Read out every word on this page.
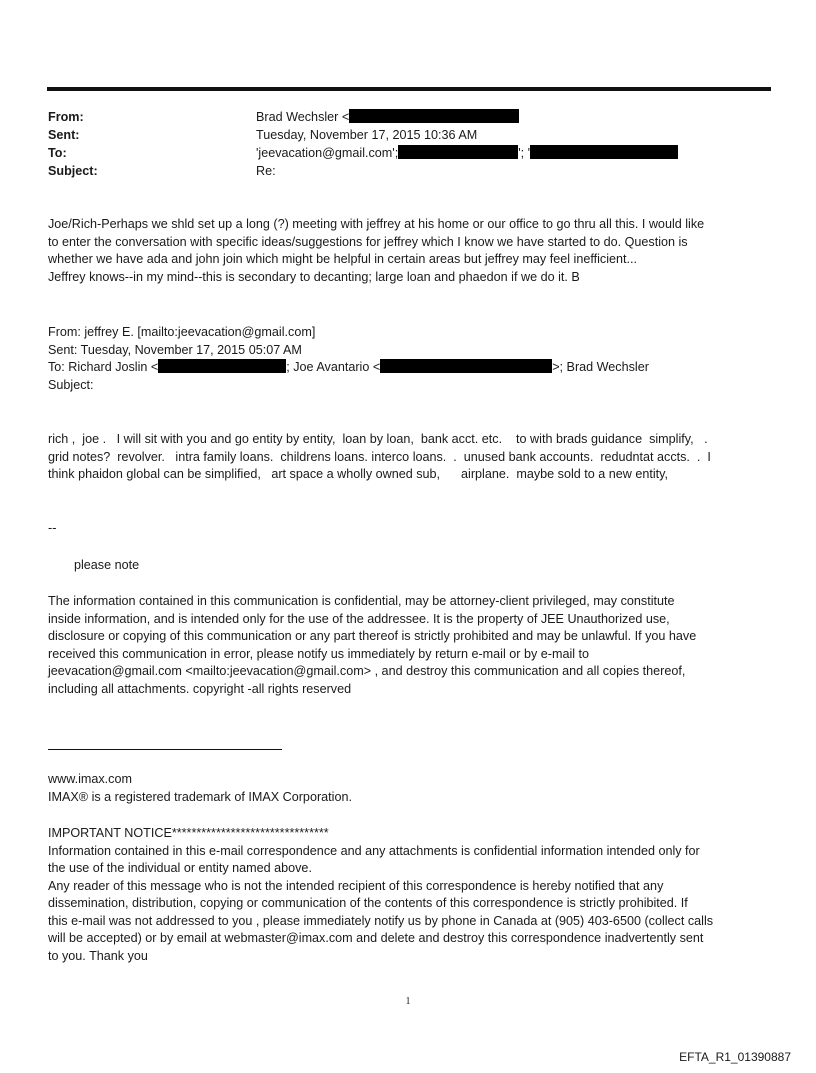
From:	Brad Wechsler <
Sent:	Tuesday, November 17, 2015 10:36 AM
To:	'jeevacation@gmail.com';	'; '
Subject:	Re:
Joe/Rich-Perhaps we shld set up a long (?) meeting with jeffrey at his home or our office to go thru all this. I would like
to enter the conversation with specific ideas/suggestions for jeffrey which I know we have started to do. Question is
whether we have ada and john join which might be helpful in certain areas but jeffrey may feel inefficient...
Jeffrey knows--in my mind--this is secondary to decanting; large loan and phaedon if we do it. B
From: jeffrey E. [mailto:jeevacation@gmail.com]
Sent: Tuesday, November 17, 2015 05:07 AM
To: Richard Joslin <	; Joe Avantario <	>; Brad Wechsler
Subject:
rich ,  joe .   I will sit with you and go entity by entity,  loan by loan,  bank acct. etc.    to with brads guidance  simplify,   .
grid notes?  revolver.   intra family loans.  childrens loans. interco loans.  .  unused bank accounts.  redudntat accts.  .  I
think phaidon global can be simplified,   art space a wholly owned sub,      airplane.  maybe sold to a new entity,
--
please note
The information contained in this communication is confidential, may be attorney-client privileged, may constitute
inside information, and is intended only for the use of the addressee. It is the property of JEE Unauthorized use,
disclosure or copying of this communication or any part thereof is strictly prohibited and may be unlawful. If you have
received this communication in error, please notify us immediately by return e-mail or by e-mail to
jeevacation@gmail.com <mailto:jeevacation@gmail.com> , and destroy this communication and all copies thereof,
including all attachments. copyright -all rights reserved
www.imax.com
IMAX® is a registered trademark of IMAX Corporation.
IMPORTANT NOTICE********************************
Information contained in this e-mail correspondence and any attachments is confidential information intended only for
the use of the individual or entity named above.
Any reader of this message who is not the intended recipient of this correspondence is hereby notified that any
dissemination, distribution, copying or communication of the contents of this correspondence is strictly prohibited. If
this e-mail was not addressed to you , please immediately notify us by phone in Canada at (905) 403-6500 (collect calls
will be accepted) or by email at webmaster@imax.com and delete and destroy this correspondence inadvertently sent
to you. Thank you
1
EFTA_R1_01390887
